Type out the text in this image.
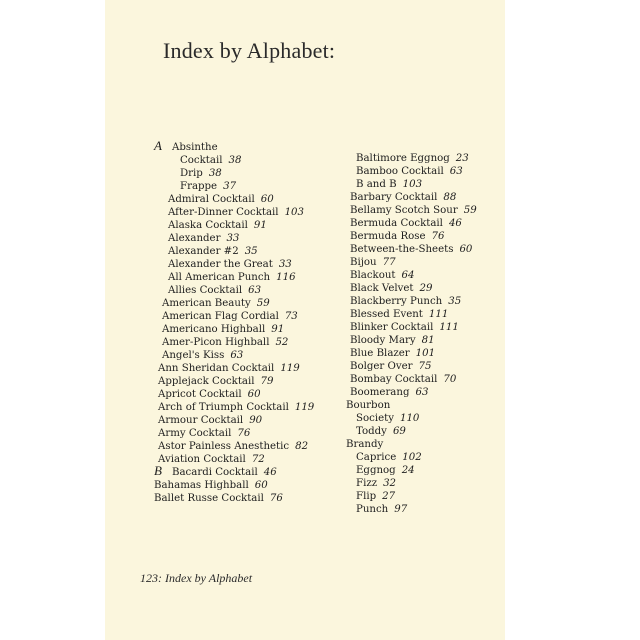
Index by Alphabet:
A Absinthe
Cocktail 38
Drip 38
Frappe 37
Admiral Cocktail 60
After-Dinner Cocktail 103
Alaska Cocktail 91
Alexander 33
Alexander #2 35
Alexander the Great 33
All American Punch 116
Allies Cocktail 63
American Beauty 59
American Flag Cordial 73
Americano Highball 91
Amer-Picon Highball 52
Angel's Kiss 63
Ann Sheridan Cocktail 119
Applejack Cocktail 79
Apricot Cocktail 60
Arch of Triumph Cocktail 119
Armour Cocktail 90
Army Cocktail 76
Astor Painless Anesthetic 82
Aviation Cocktail 72
B Bacardi Cocktail 46
Bahamas Highball 60
Ballet Russe Cocktail 76
Baltimore Eggnog 23
Bamboo Cocktail 63
B and B 103
Barbary Cocktail 88
Bellamy Scotch Sour 59
Bermuda Cocktail 46
Bermuda Rose 76
Between-the-Sheets 60
Bijou 77
Blackout 64
Black Velvet 29
Blackberry Punch 35
Blessed Event 111
Blinker Cocktail 111
Bloody Mary 81
Blue Blazer 101
Bolger Over 75
Bombay Cocktail 70
Boomerang 63
Bourbon
Society 110
Toddy 69
Brandy
Caprice 102
Eggnog 24
Fizz 32
Flip 27
Punch 97
123: Index by Alphabet
